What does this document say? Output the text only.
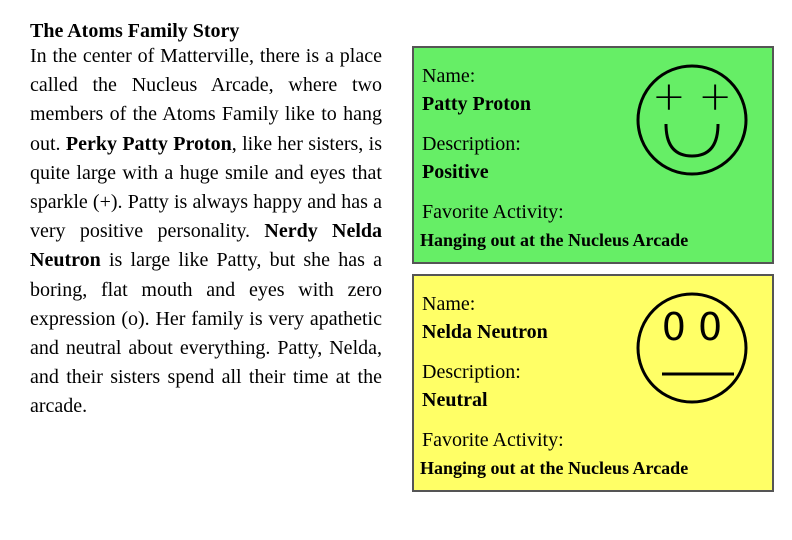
The Atoms Family Story

In the center of Matterville, there is a place called the Nucleus Arcade, where two members of the Atoms Family like to hang out. Perky Patty Proton, like her sisters, is quite large with a huge smile and eyes that sparkle (+). Patty is always happy and has a very positive personality. Nerdy Nelda Neutron is large like Patty, but she has a boring, flat mouth and eyes with zero expression (o). Her family is very apathetic and neutral about everything. Patty, Nelda, and their sisters spend all their time at the arcade.

Name:
Patty Proton
Description:
Positive
Favorite Activity:
Hanging out at the Nucleus Arcade
+ +
Name:
Nelda Neutron
Description:
Neutral
Favorite Activity:
Hanging out at the Nucleus Arcade
0 0
